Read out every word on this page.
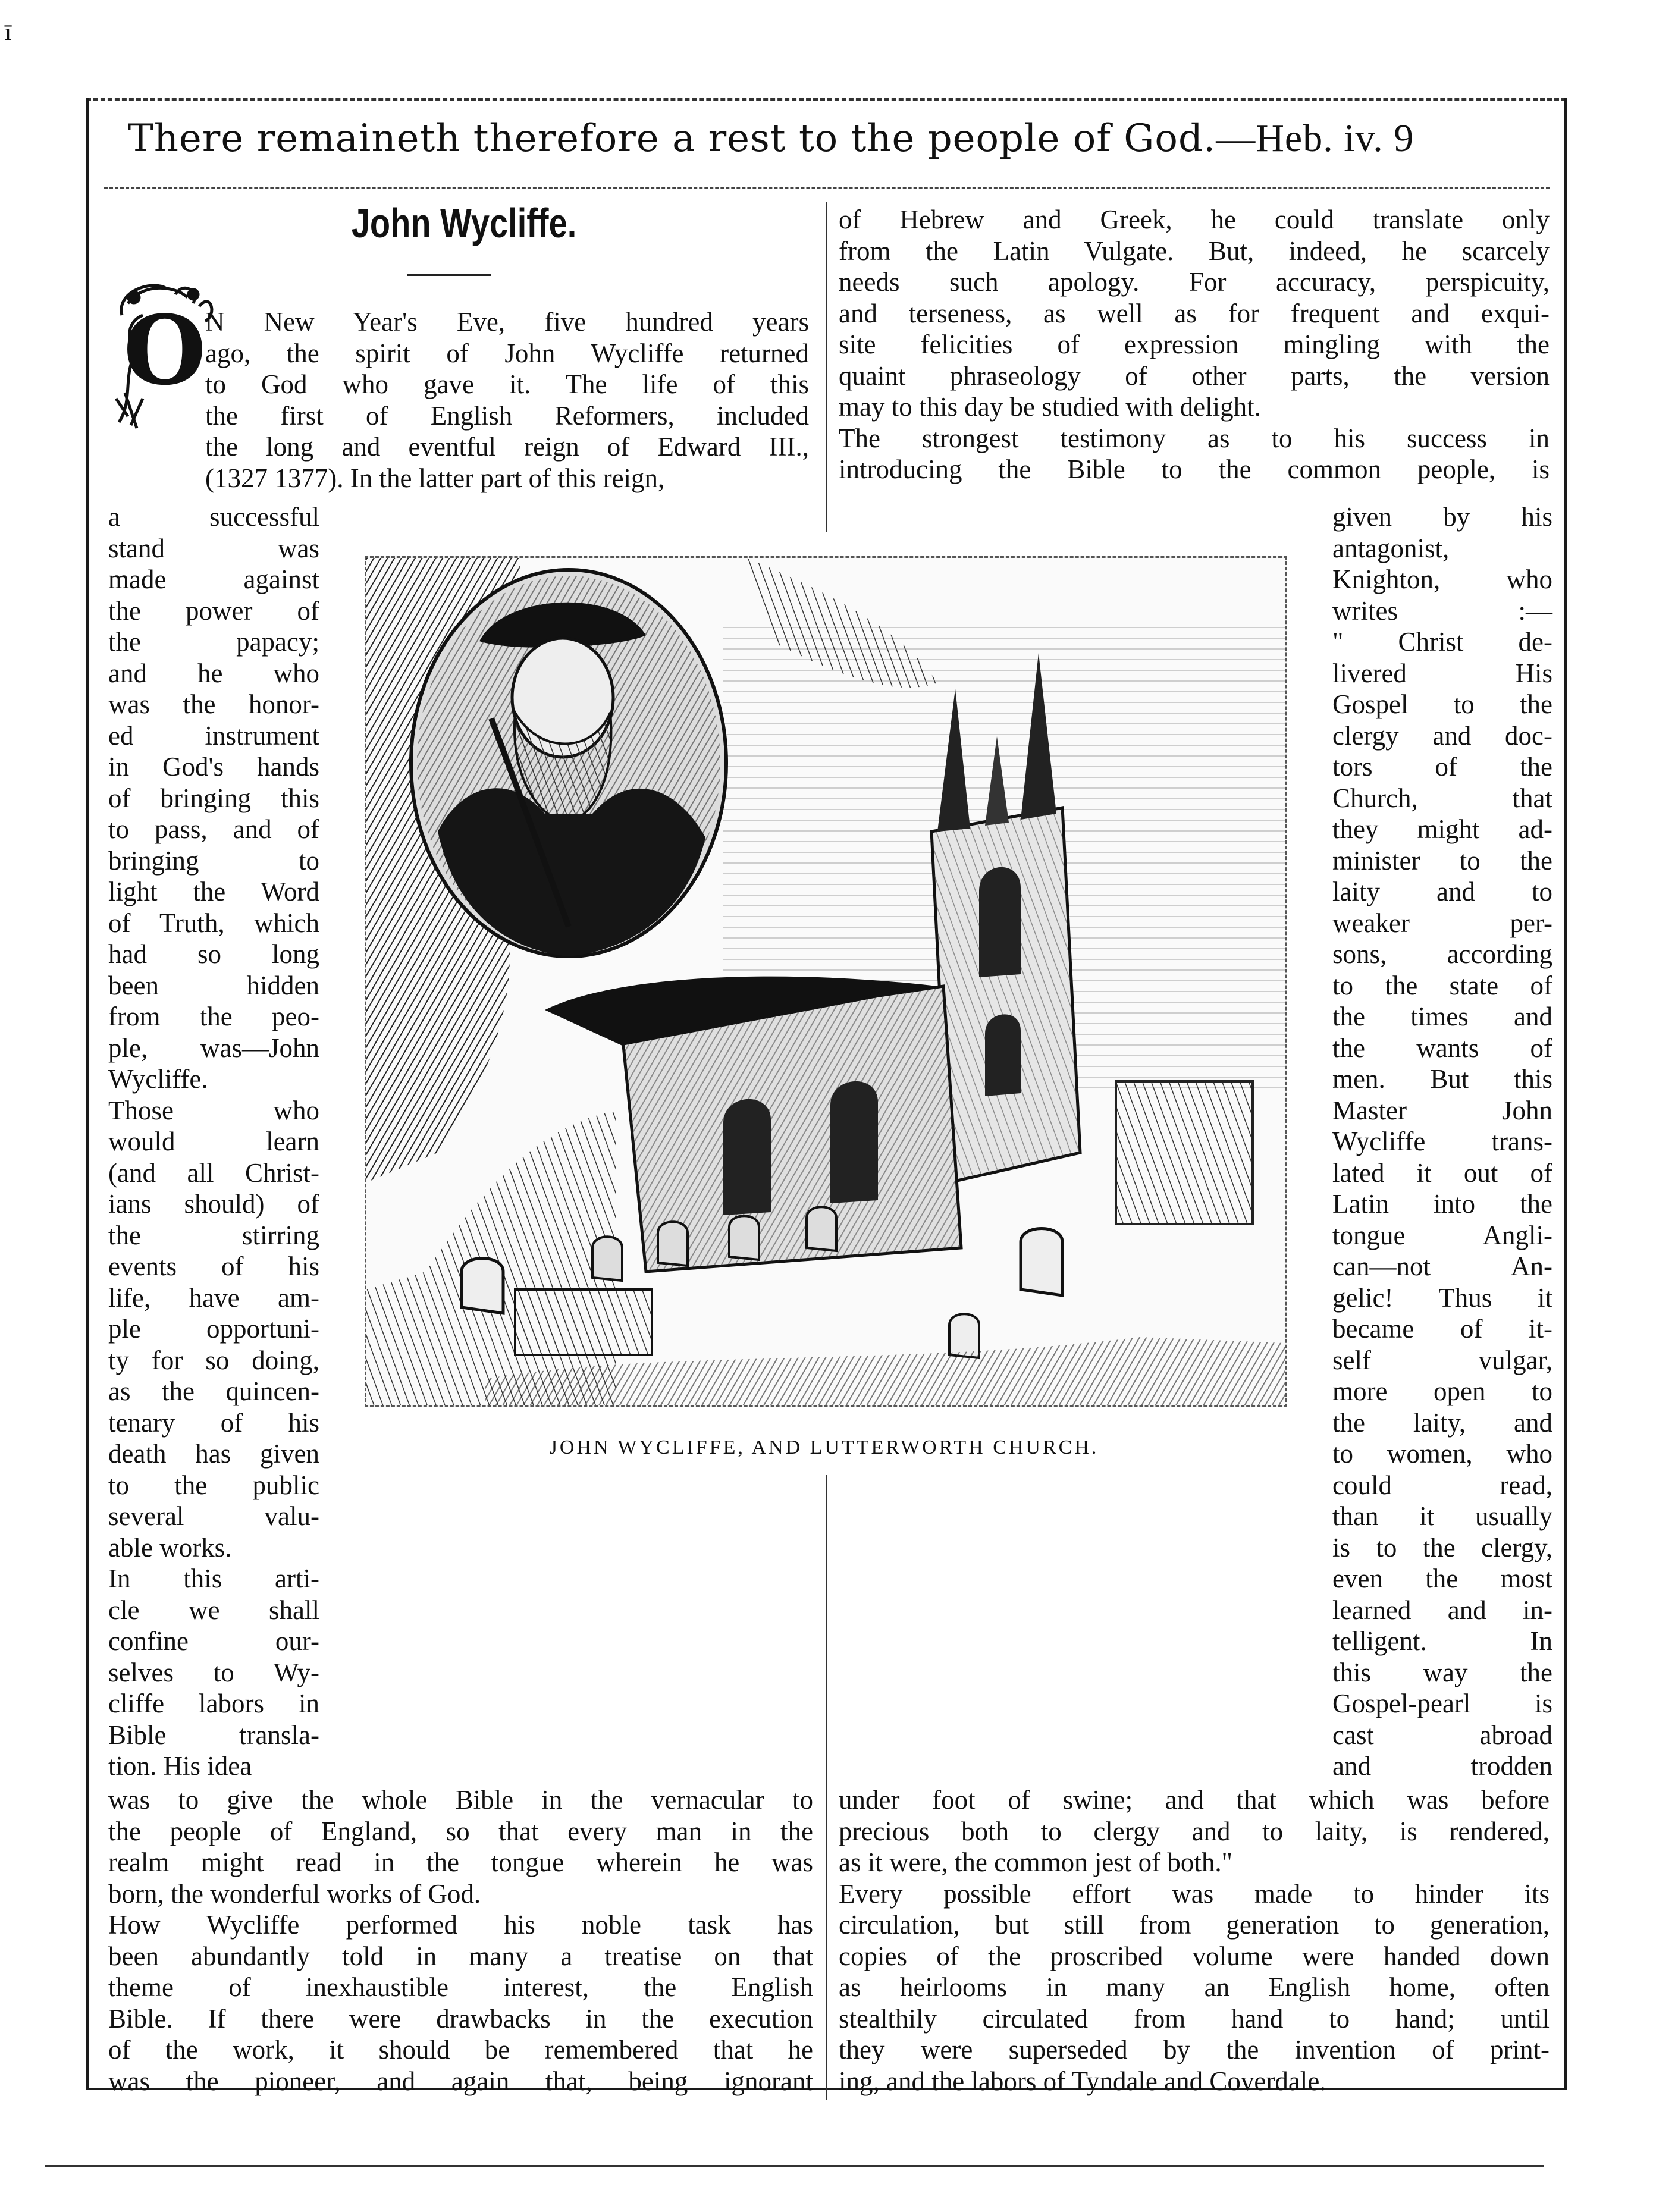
ī
There remaineth therefore a rest to the people of God.—Heb. iv. 9
John Wycliffe.
O
N New Year's Eve, five hundred years
ago, the spirit of John Wycliffe returned
to God who gave it. The life of this
the first of English Reformers, included
the long and eventful reign of Edward III.,
(1327 1377). In the latter part of this reign,
a successful
stand was
made against
the power of
the papacy;
and he who
was the honor-
ed instrument
in God's hands
of bringing this
to pass, and of
bringing to
light the Word
of Truth, which
had so long
been hidden
from the peo-
ple, was—John
Wycliffe.
Those who
would learn
(and all Christ-
ians should) of
the stirring
events of his
life, have am-
ple opportuni-
ty for so doing,
as the quincen-
tenary of his
death has given
to the public
several valu-
able works.
In this arti-
cle we shall
confine our-
selves to Wy-
cliffe labors in
Bible transla-
tion. His idea
was to give the whole Bible in the vernacular to
the people of England, so that every man in the
realm might read in the tongue wherein he was
born, the wonderful works of God.
How Wycliffe performed his noble task has
been abundantly told in many a treatise on that
theme of inexhaustible interest, the English
Bible. If there were drawbacks in the execution
of the work, it should be remembered that he
was the pioneer, and again that, being ignorant
of Hebrew and Greek, he could translate only
from the Latin Vulgate. But, indeed, he scarcely
needs such apology. For accuracy, perspicuity,
and terseness, as well as for frequent and exqui-
site felicities of expression mingling with the
quaint phraseology of other parts, the version
may to this day be studied with delight.
The strongest testimony as to his success in
introducing the Bible to the common people, is
given by his
antagonist,
Knighton, who
writes :—
" Christ de-
livered His
Gospel to the
clergy and doc-
tors of the
Church, that
they might ad-
minister to the
laity and to
weaker per-
sons, according
to the state of
the times and
the wants of
men. But this
Master John
Wycliffe trans-
lated it out of
Latin into the
tongue Angli-
can—not An-
gelic! Thus it
became of it-
self vulgar,
more open to
the laity, and
to women, who
could read,
than it usually
is to the clergy,
even the most
learned and in-
telligent. In
this way the
Gospel-pearl is
cast abroad
and trodden
under foot of swine; and that which was before
precious both to clergy and to laity, is rendered,
as it were, the common jest of both."
Every possible effort was made to hinder its
circulation, but still from generation to generation,
copies of the proscribed volume were handed down
as heirlooms in many an English home, often
stealthily circulated from hand to hand; until
they were superseded by the invention of print-
ing, and the labors of Tyndale and Coverdale.
JOHN WYCLIFFE, AND LUTTERWORTH CHURCH.
